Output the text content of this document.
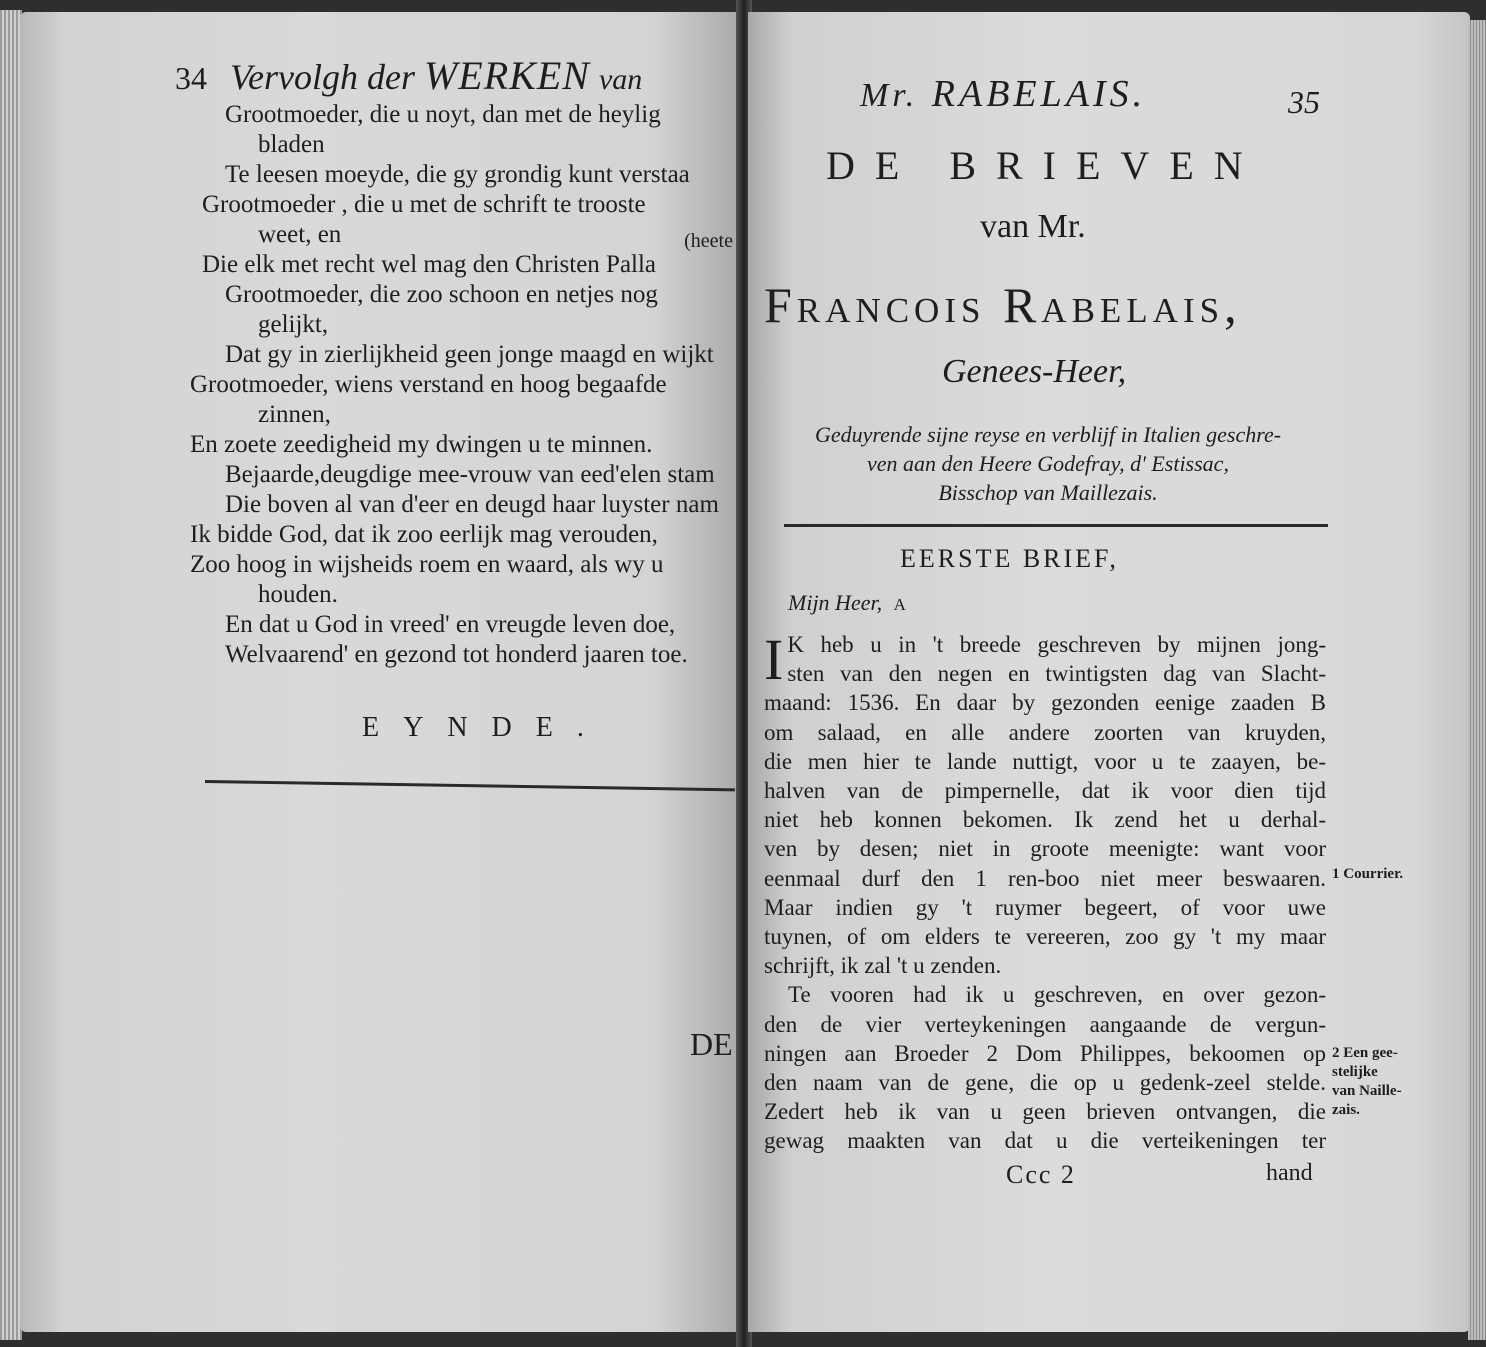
34 Vervolgh der WERKEN van
Grootmoeder, die u noyt, dan met de heylig
bladen
Te leesen moeyde, die gy grondig kunt verstaa
Grootmoeder , die u met de schrift te trooste
weet, en	(heete
Die elk met recht wel mag den Christen Palla
Grootmoeder, die zoo schoon en netjes nog
gelijkt,
Dat gy in zierlijkheid geen jonge maagd en wijkt
Grootmoeder, wiens verstand en hoog begaafde
zinnen,
En zoete zeedigheid my dwingen u te minnen.
Bejaarde,deugdige mee-vrouw van eed'elen stam
Die boven al van d'eer en deugd haar luyster nam
Ik bidde God, dat ik zoo eerlijk mag verouden,
Zoo hoog in wijsheids roem en waard, als wy u
houden.
En dat u God in vreed' en vreugde leven doe,
Welvaarend' en gezond tot honderd jaaren toe.
EYNDE.
DE
Mr. RABELAIS.	35
DE BRIEVEN
van Mr.
Francois Rabelais,
Genees-Heer,
Geduyrende sijne reyse en verblijf in Italien geschre-
ven aan den Heere Godefray, d' Estissac,
Bisschop van Maillezais.
EERSTE BRIEF,
Mijn Heer, A
I K heb u in 't breede geschreven by mijnen jong-
sten van den negen en twintigsten dag van Slacht-
maand: 1536. En daar by gezonden eenige zaaden B
om salaad, en alle andere zoorten van kruyden,
die men hier te lande nuttigt, voor u te zaayen, be-
halven van de pimpernelle, dat ik voor dien tijd
niet heb konnen bekomen. Ik zend het u derhal-
ven by desen; niet in groote meenigte: want voor
eenmaal durf den 1 ren-boo niet meer beswaaren.
Maar indien gy 't ruymer begeert, of voor uwe
tuynen, of om elders te vereeren, zoo gy 't my maar
schrijft, ik zal 't u zenden.
Te vooren had ik u geschreven, en over gezon-
den de vier verteykeningen aangaande de vergun-
ningen aan Broeder 2 Dom Philippes, bekoomen op
den naam van de gene, die op u gedenk-zeel stelde.
Zedert heb ik van u geen brieven ontvangen, die
gewag maakten van dat u die verteikeningen ter
Ccc 2	hand
1 Courrier.
2 Een gee-
stelijke
van Naille-
zais.
